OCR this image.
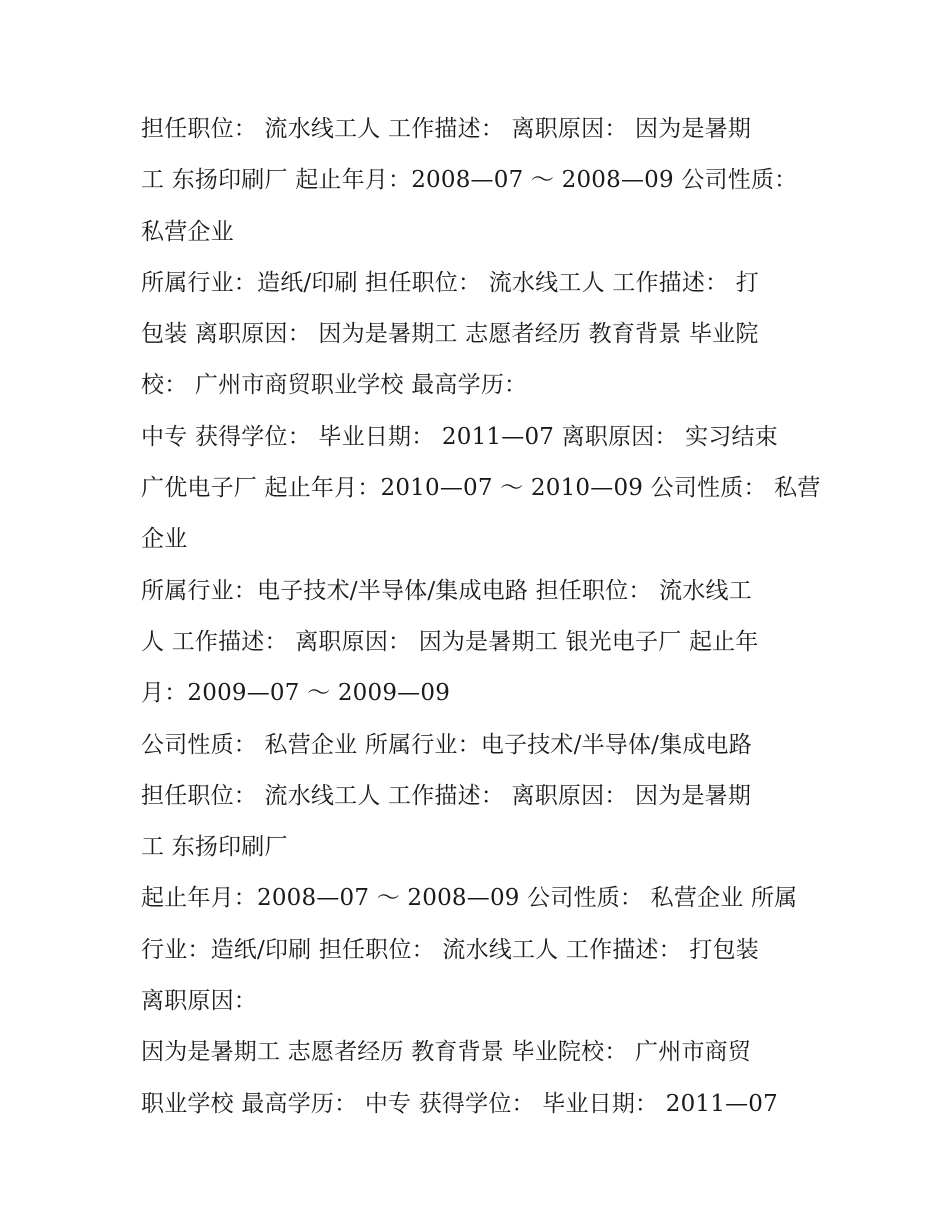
担任职位： 流水线工人 工作描述： 离职原因： 因为是暑期
工 东扬印刷厂 起止年月：2008—07 ～ 2008—09 公司性质：
私营企业
所属行业：造纸/印刷 担任职位： 流水线工人 工作描述： 打
包装 离职原因： 因为是暑期工 志愿者经历 教育背景 毕业院
校： 广州市商贸职业学校 最高学历：
中专 获得学位： 毕业日期： 2011—07 离职原因： 实习结束
广优电子厂 起止年月：2010—07 ～ 2010—09 公司性质： 私营
企业
所属行业：电子技术/半导体/集成电路 担任职位： 流水线工
人 工作描述： 离职原因： 因为是暑期工 银光电子厂 起止年
月：2009—07 ～ 2009—09
公司性质： 私营企业 所属行业：电子技术/半导体/集成电路
担任职位： 流水线工人 工作描述： 离职原因： 因为是暑期
工 东扬印刷厂
起止年月：2008—07 ～ 2008—09 公司性质： 私营企业 所属
行业：造纸/印刷 担任职位： 流水线工人 工作描述： 打包装
离职原因：
因为是暑期工 志愿者经历 教育背景 毕业院校： 广州市商贸
职业学校 最高学历： 中专 获得学位： 毕业日期： 2011—07
